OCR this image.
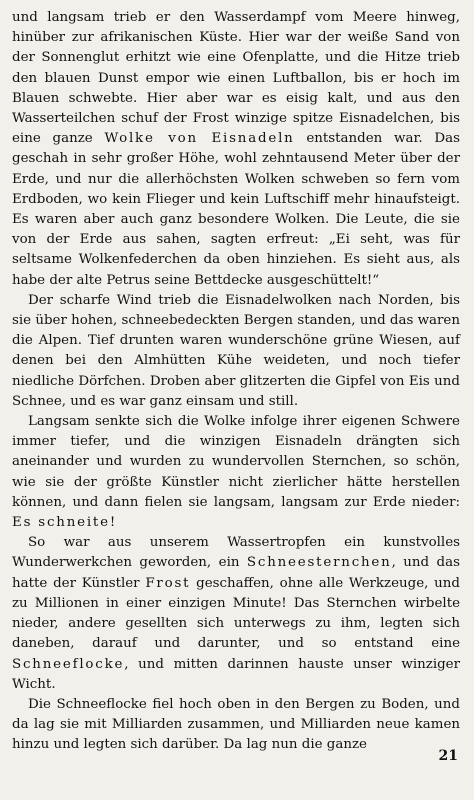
und langsam trieb er den Wasserdampf vom Meere hinweg, hinüber zur afrikanischen Küste. Hier war der weiße Sand von der Sonnenglut erhitzt wie eine Ofenplatte, und die Hitze trieb den blauen Dunst empor wie einen Luftballon, bis er hoch im Blauen schwebte. Hier aber war es eisig kalt, und aus den Wasserteilchen schuf der Frost winzige spitze Eisnadelchen, bis eine ganze Wolke von Eisnadeln entstanden war. Das geschah in sehr großer Höhe, wohl zehntausend Meter über der Erde, und nur die allerhöchsten Wolken schweben so fern vom Erdboden, wo kein Flieger und kein Luftschiff mehr hinaufsteigt. Es waren aber auch ganz besondere Wolken. Die Leute, die sie von der Erde aus sahen, sagten erfreut: „Ei seht, was für seltsame Wolkenfederchen da oben hinziehen. Es sieht aus, als habe der alte Petrus seine Bettdecke ausgeschüttelt!“

Der scharfe Wind trieb die Eisnadelwolken nach Norden, bis sie über hohen, schneebedeckten Bergen standen, und das waren die Alpen. Tief drunten waren wunderschöne grüne Wiesen, auf denen bei den Almhütten Kühe weideten, und noch tiefer niedliche Dörfchen. Droben aber glitzerten die Gipfel von Eis und Schnee, und es war ganz einsam und still.

Langsam senkte sich die Wolke infolge ihrer eigenen Schwere immer tiefer, und die winzigen Eisnadeln drängten sich aneinander und wurden zu wundervollen Sternchen, so schön, wie sie der größte Künstler nicht zierlicher hätte herstellen können, und dann fielen sie langsam, langsam zur Erde nieder: Es schneite!

So war aus unserem Wassertropfen ein kunstvolles Wunderwerkchen geworden, ein Schneesternchen, und das hatte der Künstler Frost geschaffen, ohne alle Werkzeuge, und zu Millionen in einer einzigen Minute! Das Sternchen wirbelte nieder, andere gesellten sich unterwegs zu ihm, legten sich daneben, darauf und darunter, und so entstand eine Schneeflocke, und mitten darinnen hauste unser winziger Wicht.

Die Schneeflocke fiel hoch oben in den Bergen zu Boden, und da lag sie mit Milliarden zusammen, und Milliarden neue kamen hinzu und legten sich darüber. Da lag nun die ganze

21
